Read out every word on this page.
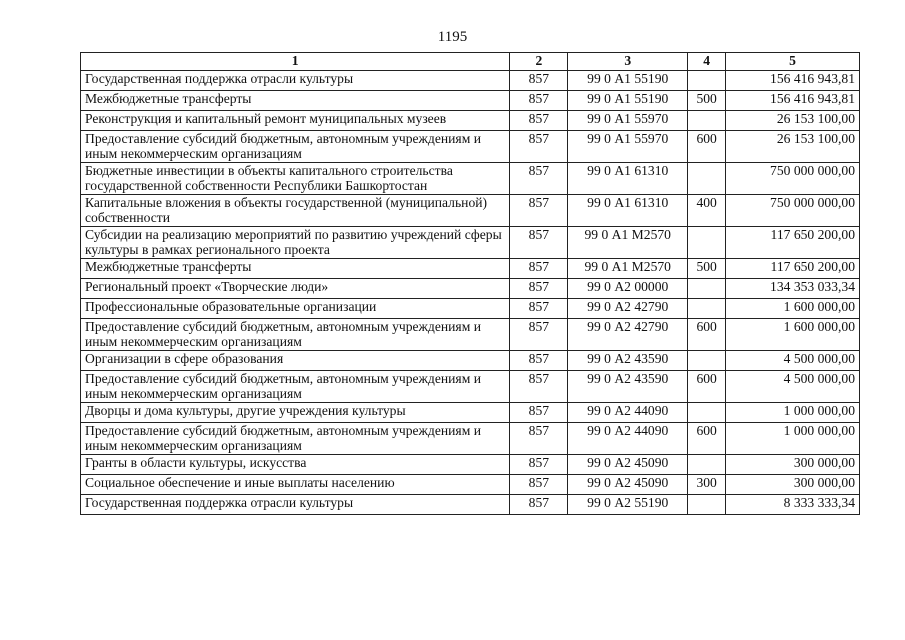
1195
1	2	3	4	5
Государственная поддержка отрасли культуры	857	99 0 А1 55190		156 416 943,81
Межбюджетные трансферты	857	99 0 А1 55190	500	156 416 943,81
Реконструкция и капитальный ремонт муниципальных музеев	857	99 0 А1 55970		26 153 100,00
Предоставление субсидий бюджетным, автономным учреждениям и иным некоммерческим организациям	857	99 0 А1 55970	600	26 153 100,00
Бюджетные инвестиции в объекты капитального строительства государственной собственности Республики Башкортостан	857	99 0 А1 61310		750 000 000,00
Капитальные вложения в объекты государственной (муниципальной) собственности	857	99 0 А1 61310	400	750 000 000,00
Субсидии на реализацию мероприятий по развитию учреждений сферы культуры в рамках регионального проекта	857	99 0 А1 М2570		117 650 200,00
Межбюджетные трансферты	857	99 0 А1 М2570	500	117 650 200,00
Региональный проект «Творческие люди»	857	99 0 А2 00000		134 353 033,34
Профессиональные образовательные организации	857	99 0 А2 42790		1 600 000,00
Предоставление субсидий бюджетным, автономным учреждениям и иным некоммерческим организациям	857	99 0 А2 42790	600	1 600 000,00
Организации в сфере образования	857	99 0 А2 43590		4 500 000,00
Предоставление субсидий бюджетным, автономным учреждениям и иным некоммерческим организациям	857	99 0 А2 43590	600	4 500 000,00
Дворцы и дома культуры, другие учреждения культуры	857	99 0 А2 44090		1 000 000,00
Предоставление субсидий бюджетным, автономным учреждениям и иным некоммерческим организациям	857	99 0 А2 44090	600	1 000 000,00
Гранты в области культуры, искусства	857	99 0 А2 45090		300 000,00
Социальное обеспечение и иные выплаты населению	857	99 0 А2 45090	300	300 000,00
Государственная поддержка отрасли культуры	857	99 0 А2 55190		8 333 333,34
